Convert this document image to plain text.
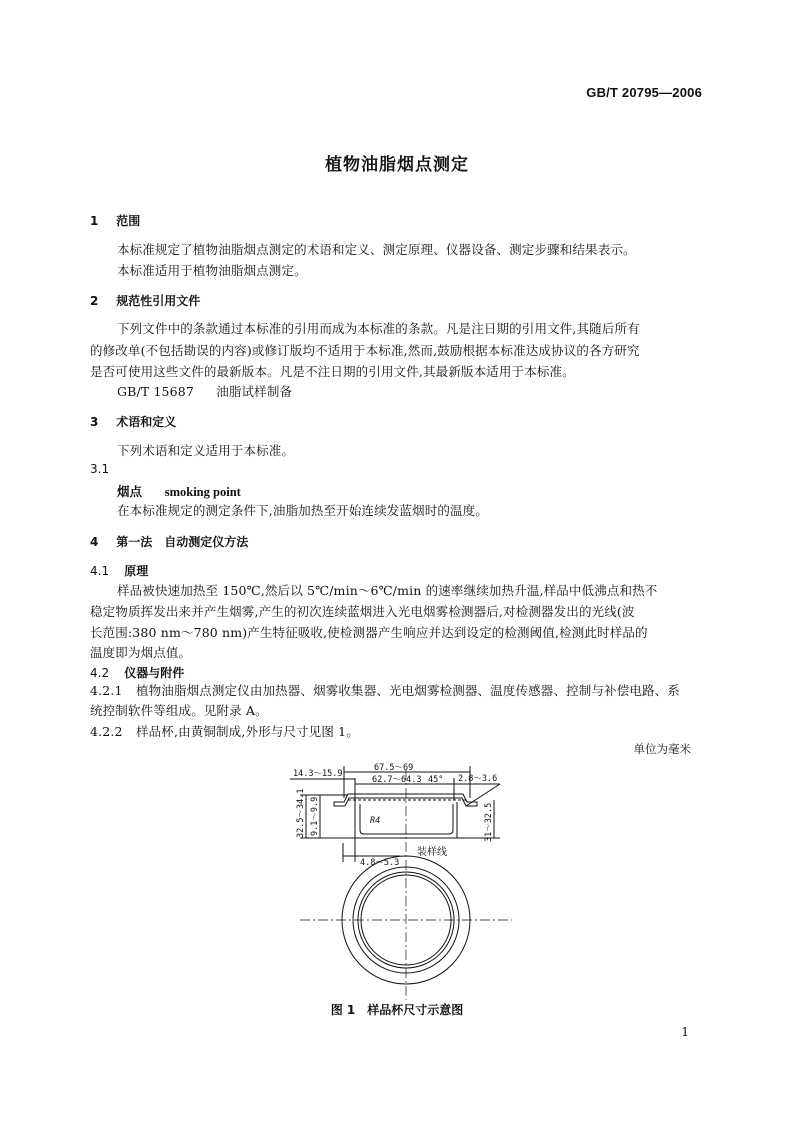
GB/T 20795—2006
植物油脂烟点测定
1 范围
本标准规定了植物油脂烟点测定的术语和定义、测定原理、仪器设备、测定步骤和结果表示。
本标准适用于植物油脂烟点测定。
2 规范性引用文件
下列文件中的条款通过本标准的引用而成为本标准的条款。凡是注日期的引用文件,其随后所有
的修改单(不包括勘误的内容)或修订版均不适用于本标准,然而,鼓励根据本标准达成协议的各方研究
是否可使用这些文件的最新版本。凡是不注日期的引用文件,其最新版本适用于本标准。
GB/T 15687 油脂试样制备
3 术语和定义
下列术语和定义适用于本标准。
3.1
烟点 smoking point
在本标准规定的测定条件下,油脂加热至开始连续发蓝烟时的温度。
4 第一法　自动测定仪方法
4.1 原理
样品被快速加热至 150℃,然后以 5℃/min～6℃/min 的速率继续加热升温,样品中低沸点和热不
稳定物质挥发出来并产生烟雾,产生的初次连续蓝烟进入光电烟雾检测器后,对检测器发出的光线(波
长范围:380 nm～780 nm)产生特征吸收,使检测器产生响应并达到设定的检测阈值,检测此时样品的
温度即为烟点值。
4.2 仪器与附件
4.2.1 植物油脂烟点测定仪由加热器、烟雾收集器、光电烟雾检测器、温度传感器、控制与补偿电路、系
统控制软件等组成。见附录 A。
4.2.2 样品杯,由黄铜制成,外形与尺寸见图 1。
单位为毫米
67.5～69
62.7～64.3 45°
14.3～15.9	2.8～3.6
32.5～34.1 9.1～9.9	31～32.5
R4
4.8～5.3
装样线
图 1　样品杯尺寸示意图
1
